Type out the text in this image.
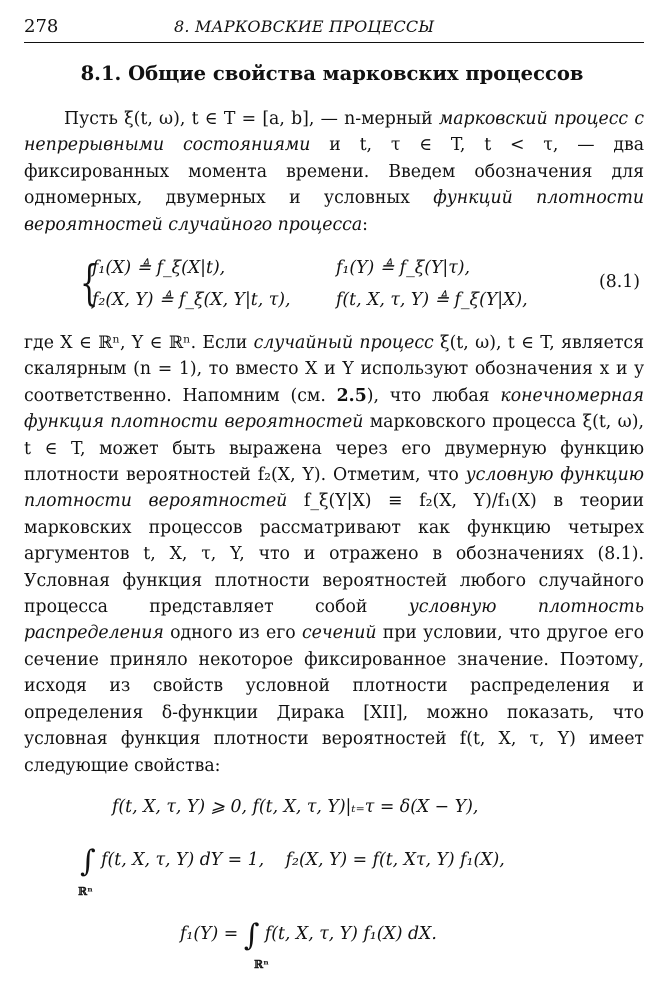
278	8. МАРКОВСКИЕ ПРОЦЕССЫ
8.1. Общие свойства марковских процессов

Пусть ξ(t, ω), t ∈ T = [a, b], — n-мерный марковский процесс с непрерывными состояниями и t, τ ∈ T, t < τ, — два фиксированных момента времени. Введем обозначения для одномерных, двумерных и условных функций плотности вероятностей случайного процесса:

{
f₁(X) ≜ f_ξ(X|t),	f₁(Y) ≜ f_ξ(Y|τ),
f₂(X, Y) ≜ f_ξ(X, Y|t, τ),	f(t, X, τ, Y) ≜ f_ξ(Y|X),
(8.1)
где X ∈ ℝⁿ, Y ∈ ℝⁿ. Если случайный процесс ξ(t, ω), t ∈ T, является скалярным (n = 1), то вместо X и Y используют обозначения x и y соответственно. Напомним (см. 2.5), что любая конечномерная функция плотности вероятностей марковского процесса ξ(t, ω), t ∈ T, может быть выражена через его двумерную функцию плотности вероятностей f₂(X, Y). Отметим, что условную функцию плотности вероятностей f_ξ(Y|X) ≡ f₂(X, Y)/f₁(X) в теории марковских процессов рассматривают как функцию четырех аргументов t, X, τ, Y, что и отражено в обозначениях (8.1). Условная функция плотности вероятностей любого случайного процесса представляет собой условную плотность распределения одного из его сечений при условии, что другое его сечение приняло некоторое фиксированное значение. Поэтому, исходя из свойств условной плотности распределения и определения δ-функции Дирака [XII], можно показать, что условная функция плотности вероятностей f(t, X, τ, Y) имеет следующие свойства:
f(t, X, τ, Y) ⩾ 0, f(t, X, τ, Y)|ₜ₌τ = δ(X − Y),
∫ f(t, X, τ, Y) dY = 1, f₂(X, Y) = f(t, Xτ, Y) f₁(X),
ℝⁿ
f₁(Y) = ∫ f(t, X, τ, Y) f₁(X) dX.
ℝⁿ
